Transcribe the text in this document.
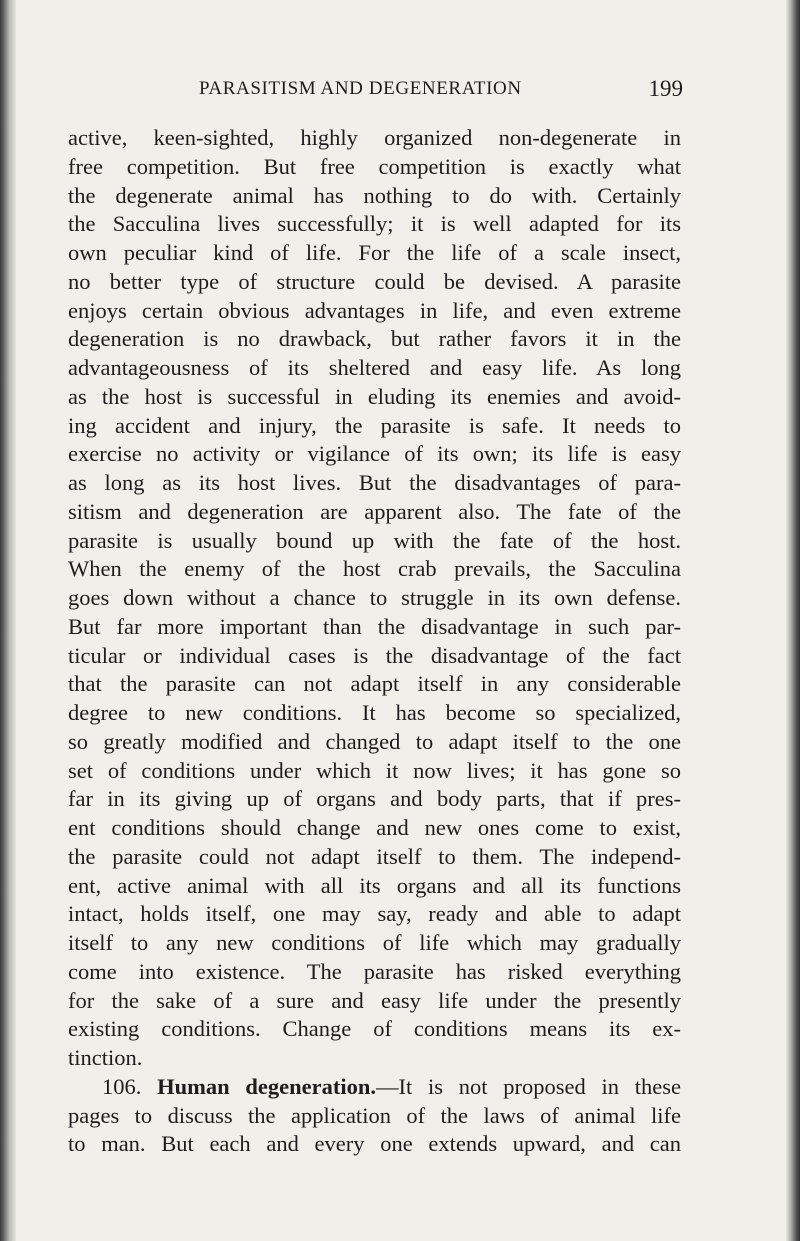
PARASITISM AND DEGENERATION	199
active, keen-sighted, highly organized non-degenerate in
free competition. But free competition is exactly what
the degenerate animal has nothing to do with. Certainly
the Sacculina lives successfully; it is well adapted for its
own peculiar kind of life. For the life of a scale insect,
no better type of structure could be devised. A parasite
enjoys certain obvious advantages in life, and even extreme
degeneration is no drawback, but rather favors it in the
advantageousness of its sheltered and easy life. As long
as the host is successful in eluding its enemies and avoid-
ing accident and injury, the parasite is safe. It needs to
exercise no activity or vigilance of its own; its life is easy
as long as its host lives. But the disadvantages of para-
sitism and degeneration are apparent also. The fate of the
parasite is usually bound up with the fate of the host.
When the enemy of the host crab prevails, the Sacculina
goes down without a chance to struggle in its own defense.
But far more important than the disadvantage in such par-
ticular or individual cases is the disadvantage of the fact
that the parasite can not adapt itself in any considerable
degree to new conditions. It has become so specialized,
so greatly modified and changed to adapt itself to the one
set of conditions under which it now lives; it has gone so
far in its giving up of organs and body parts, that if pres-
ent conditions should change and new ones come to exist,
the parasite could not adapt itself to them. The independ-
ent, active animal with all its organs and all its functions
intact, holds itself, one may say, ready and able to adapt
itself to any new conditions of life which may gradually
come into existence. The parasite has risked everything
for the sake of a sure and easy life under the presently
existing conditions. Change of conditions means its ex-
tinction.
106. Human degeneration.—It is not proposed in these
pages to discuss the application of the laws of animal life
to man. But each and every one extends upward, and can
